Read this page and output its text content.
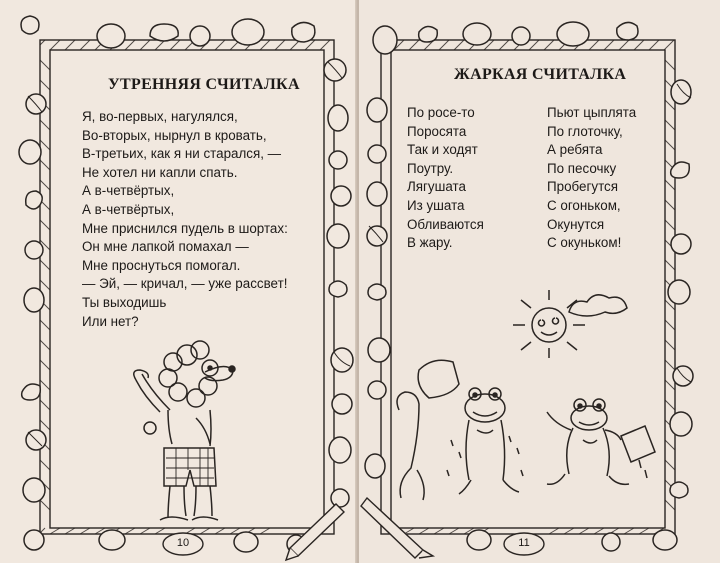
УТРЕННЯЯ СЧИТАЛКА
Я, во-первых, нагулялся,
Во-вторых, нырнул в кровать,
В-третьих, как я ни старался, —
Не хотел ни капли спать.
А в-четвёртых,
А в-четвёртых,
Мне приснился пудель в шортах:
Он мне лапкой помахал —
Мне проснуться помогал.
— Эй, — кричал, — уже рассвет!
Ты выходишь
Или нет?
10
ЖАРКАЯ СЧИТАЛКА
По росе-то
Поросята
Так и ходят
Поутру.
Лягушата
Из ушата
Обливаются
В жару.
Пьют цыплята
По глоточку,
А ребята
По песочку
Пробегутся
С огоньком,
Окунутся
С окуньком!
11
